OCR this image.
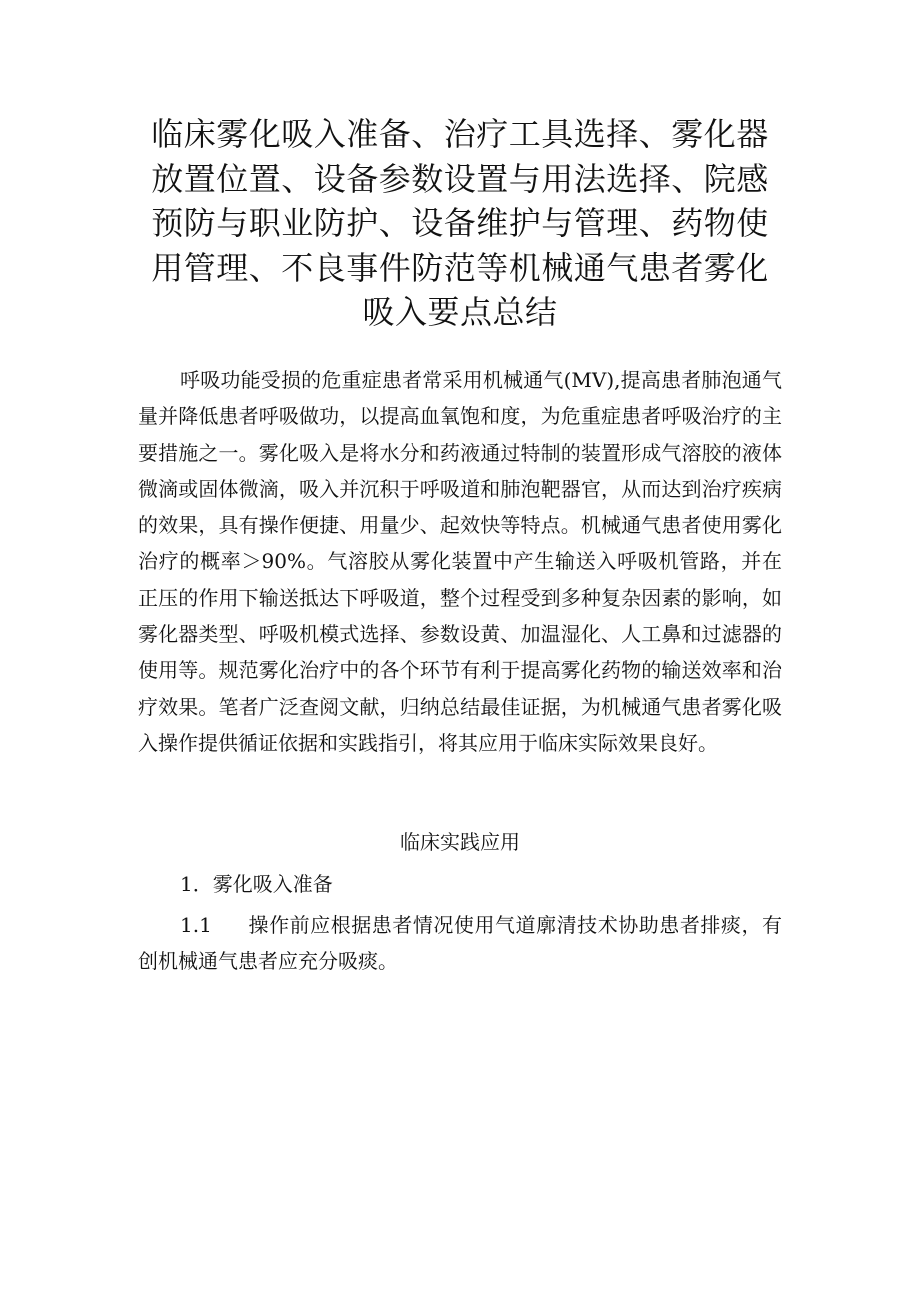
临床雾化吸入准备、治疗工具选择、雾化器放置位置、设备参数设置与用法选择、院感预防与职业防护、设备维护与管理、药物使用管理、不良事件防范等机械通气患者雾化吸入要点总结

呼吸功能受损的危重症患者常采用机械通气(MV),提高患者肺泡通气量并降低患者呼吸做功，以提高血氧饱和度，为危重症患者呼吸治疗的主要措施之一。雾化吸入是将水分和药液通过特制的装置形成气溶胶的液体微滴或固体微滴，吸入并沉积于呼吸道和肺泡靶器官，从而达到治疗疾病的效果，具有操作便捷、用量少、起效快等特点。机械通气患者使用雾化治疗的概率＞90%。气溶胶从雾化装置中产生输送入呼吸机管路，并在正压的作用下输送抵达下呼吸道，整个过程受到多种复杂因素的影响，如雾化器类型、呼吸机模式选择、参数设黄、加温湿化、人工鼻和过滤器的使用等。规范雾化治疗中的各个环节有利于提高雾化药物的输送效率和治疗效果。笔者广泛查阅文献，归纳总结最佳证据，为机械通气患者雾化吸入操作提供循证依据和实践指引，将其应用于临床实际效果良好。

临床实践应用

1．雾化吸入准备

1.1 操作前应根据患者情况使用气道廓清技术协助患者排痰，有创机械通气患者应充分吸痰。
